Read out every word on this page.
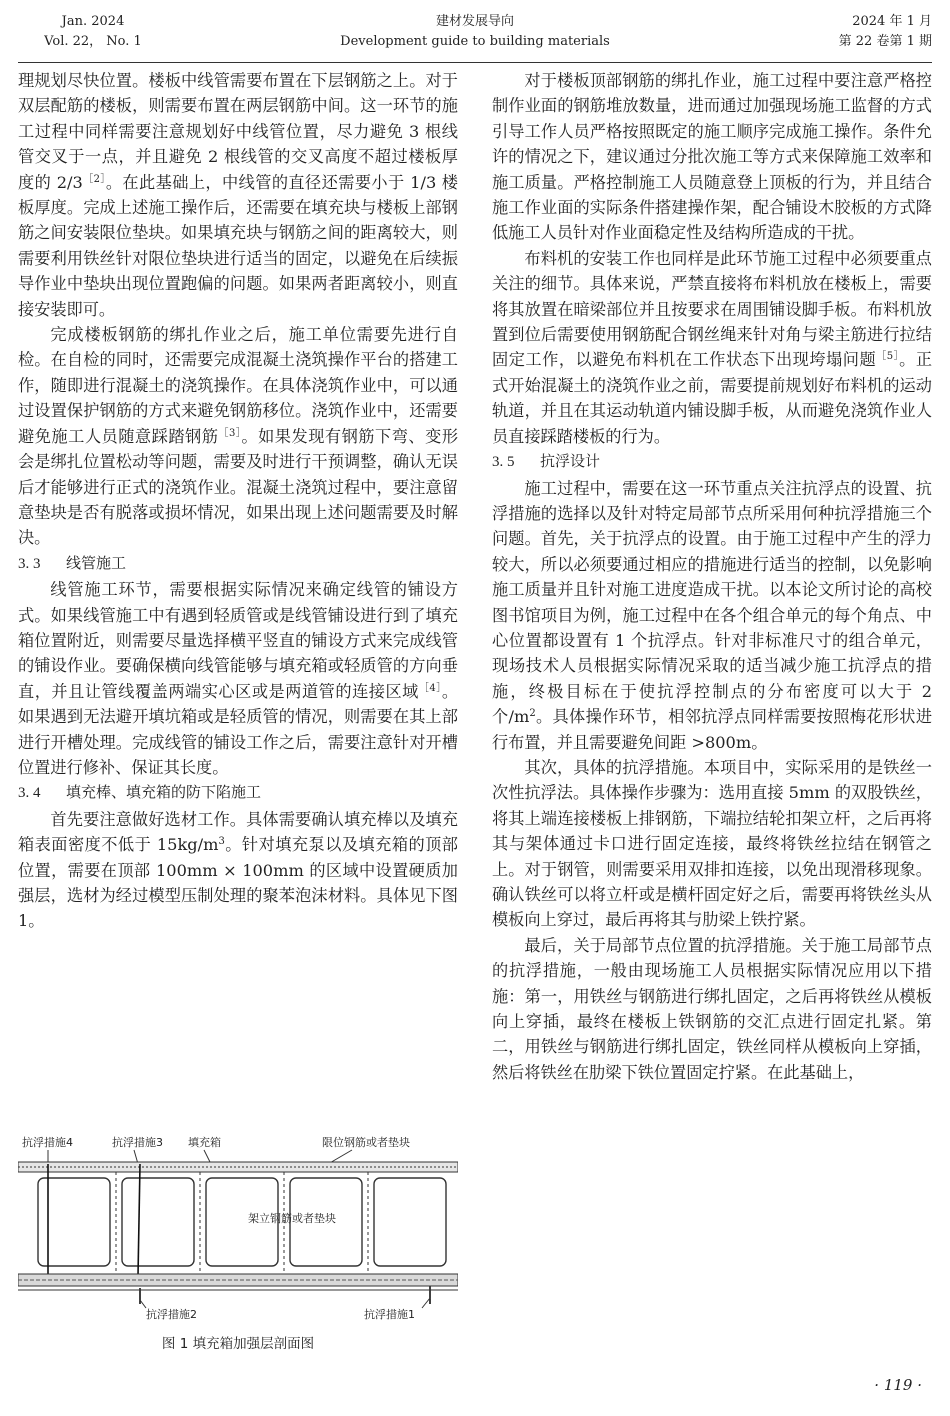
Jan. 2024
Vol. 22， No. 1
建材发展导向
Development guide to building materials
2024 年 1 月
第 22 卷第 1 期

理规划尽快位置。楼板中线管需要布置在下层钢筋之上。对于双层配筋的楼板，则需要布置在两层钢筋中间。这一环节的施工过程中同样需要注意规划好中线管位置，尽力避免 3 根线管交叉于一点，并且避免 2 根线管的交叉高度不超过楼板厚度的 $2/3^{[2]}$。在此基础上，中线管的直径还需要小于 1/3 楼板厚度。完成上述施工操作后，还需要在填充块与楼板上部钢筋之间安装限位垫块。如果填充块与钢筋之间的距离较大，则需要利用铁丝针对限位垫块进行适当的固定，以避免在后续振导作业中垫块出现位置跑偏的问题。如果两者距离较小，则直接安装即可。

完成楼板钢筋的绑扎作业之后，施工单位需要先进行自检。在自检的同时，还需要完成混凝土浇筑操作平台的搭建工作，随即进行混凝土的浇筑操作。在具体浇筑作业中，可以通过设置保护钢筋的方式来避免钢筋移位。浇筑作业中，还需要避免施工人员随意踩踏钢筋$^{[3]}$。如果发现有钢筋下弯、变形会是绑扎位置松动等问题，需要及时进行干预调整，确认无误后才能够进行正式的浇筑作业。混凝土浇筑过程中，要注意留意垫块是否有脱落或损坏情况，如果出现上述问题需要及时解决。

3. 3 线管施工

线管施工环节，需要根据实际情况来确定线管的铺设方式。如果线管施工中有遇到轻质管或是线管铺设进行到了填充箱位置附近，则需要尽量选择横平竖直的铺设方式来完成线管的铺设作业。要确保横向线管能够与填充箱或轻质管的方向垂直，并且让管线覆盖两端实心区或是两道管的连接区域$^{[4]}$。如果遇到无法避开填坑箱或是轻质管的情况，则需要在其上部进行开槽处理。完成线管的铺设工作之后，需要注意针对开槽位置进行修补、保证其长度。

3. 4 填充棒、填充箱的防下陷施工

首先要注意做好选材工作。具体需要确认填充棒以及填充箱表面密度不低于 $15kg/m^3$。针对填充泵以及填充箱的顶部位置，需要在顶部 100mm × 100mm 的区域中设置硬质加强层，选材为经过模型压制处理的聚苯泡沫材料。具体见下图 1。

抗浮措施4	抗浮措施3 填充箱	限位钢筋或者垫块
架立钢筋或者垫块
抗浮措施2	抗浮措施1
图 1 填充箱加强层剖面图

对于楼板顶部钢筋的绑扎作业，施工过程中要注意严格控制作业面的钢筋堆放数量，进而通过加强现场施工监督的方式引导工作人员严格按照既定的施工顺序完成施工操作。条件允许的情况之下，建议通过分批次施工等方式来保障施工效率和施工质量。严格控制施工人员随意登上顶板的行为，并且结合施工作业面的实际条件搭建操作架，配合铺设木胶板的方式降低施工人员针对作业面稳定性及结构所造成的干扰。

布料机的安装工作也同样是此环节施工过程中必须要重点关注的细节。具体来说，严禁直接将布料机放在楼板上，需要将其放置在暗梁部位并且按要求在周围铺设脚手板。布料机放置到位后需要使用钢筋配合钢丝绳来针对角与梁主筋进行拉结固定工作，以避免布料机在工作状态下出现垮塌问题$^{[5]}$。正式开始混凝土的浇筑作业之前，需要提前规划好布料机的运动轨道，并且在其运动轨道内铺设脚手板，从而避免浇筑作业人员直接踩踏楼板的行为。

3. 5 抗浮设计

施工过程中，需要在这一环节重点关注抗浮点的设置、抗浮措施的选择以及针对特定局部节点所采用何种抗浮措施三个问题。首先，关于抗浮点的设置。由于施工过程中产生的浮力较大，所以必须要通过相应的措施进行适当的控制，以免影响施工质量并且针对施工进度造成干扰。以本论文所讨论的高校图书馆项目为例，施工过程中在各个组合单元的每个角点、中心位置都设置有 1 个抗浮点。针对非标准尺寸的组合单元，现场技术人员根据实际情况采取的适当减少施工抗浮点的措施，终极目标在于使抗浮控制点的分布密度可以大于 2 个$/m^2$。具体操作环节，相邻抗浮点同样需要按照梅花形状进行布置，并且需要避免间距 >800m。

其次，具体的抗浮措施。本项目中，实际采用的是铁丝一次性抗浮法。具体操作步骤为：选用直接 5mm 的双股铁丝，将其上端连接楼板上排钢筋，下端拉结轮扣架立杆，之后再将其与架体通过卡口进行固定连接，最终将铁丝拉结在钢管之上。对于钢管，则需要采用双排扣连接，以免出现滑移现象。确认铁丝可以将立杆或是横杆固定好之后，需要再将铁丝头从模板向上穿过，最后再将其与肋梁上铁拧紧。

最后，关于局部节点位置的抗浮措施。关于施工局部节点的抗浮措施，一般由现场施工人员根据实际情况应用以下措施：第一，用铁丝与钢筋进行绑扎固定，之后再将铁丝从模板向上穿插，最终在楼板上铁钢筋的交汇点进行固定扎紧。第二，用铁丝与钢筋进行绑扎固定，铁丝同样从模板向上穿插，然后将铁丝在肋梁下铁位置固定拧紧。在此基础上，

· 119 ·
